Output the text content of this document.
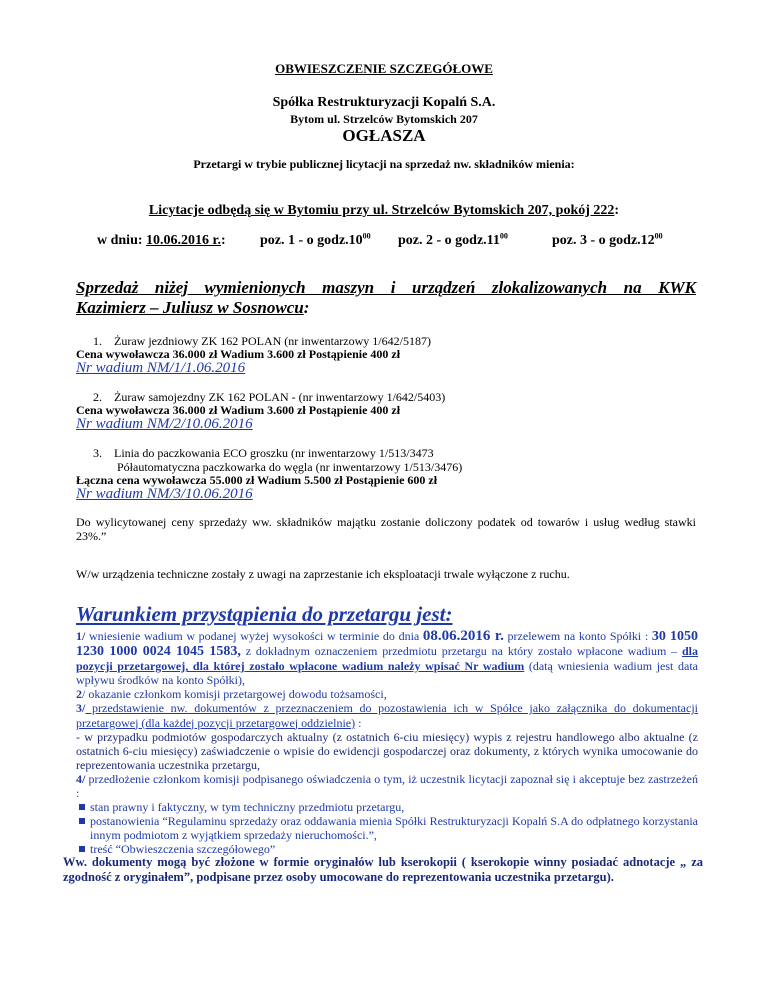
OBWIESZCZENIE SZCZEGÓŁOWE
Spółka Restrukturyzacji Kopalń S.A.
Bytom ul. Strzelców Bytomskich 207
OGŁASZA
Przetargi w trybie publicznej licytacji na sprzedaż nw. składników mienia:
Licytacje odbędą się w Bytomiu przy ul. Strzelców Bytomskich 207, pokój 222:
w dniu: 10.06.2016 r.: poz. 1 - o $godz.10^{00}$ poz. 2 - o $godz.11^{00}$	poz. 3 - o $godz.12^{00}$
Sprzedaż niżej wymienionych maszyn i urządzeń zlokalizowanych na KWK
Kazimierz – Juliusz w Sosnowcu:
1. Żuraw jezdniowy ZK 162 POLAN (nr inwentarzowy 1/642/5187)
Cena wywoławcza 36.000 zł Wadium 3.600 zł Postąpienie 400 zł
Nr wadium NM/1/1.06.2016
2. Żuraw samojezdny ZK 162 POLAN - (nr inwentarzowy 1/642/5403)
Cena wywoławcza 36.000 zł Wadium 3.600 zł Postąpienie 400 zł
Nr wadium NM/2/10.06.2016
3. Linia do paczkowania ECO groszku (nr inwentarzowy 1/513/3473
Półautomatyczna paczkowarka do węgla (nr inwentarzowy 1/513/3476)
Łączna cena wywoławcza 55.000 zł Wadium 5.500 zł Postąpienie 600 zł
Nr wadium NM/3/10.06.2016
Do wylicytowanej ceny sprzedaży ww. składników majątku zostanie doliczony podatek od towarów i usług według stawki 23%.”
W/w urządzenia techniczne zostały z uwagi na zaprzestanie ich eksploatacji trwale wyłączone z ruchu.
Warunkiem przystąpienia do przetargu jest:

1/ wniesienie wadium w podanej wyżej wysokości w terminie do dnia 08.06.2016 r. przelewem na konto Spółki : 30 1050 1230 1000 0024 1045 1583, z dokładnym oznaczeniem przedmiotu przetargu na który zostało wpłacone wadium – dla pozycji przetargowej, dla której zostało wpłacone wadium należy wpisać Nr wadium (datą wniesienia wadium jest data wpływu środków na konto Spółki),

2/ okazanie członkom komisji przetargowej dowodu tożsamości,

3/ przedstawienie nw. dokumentów z przeznaczeniem do pozostawienia ich w Spółce jako załącznika do dokumentacji przetargowej (dla każdej pozycji przetargowej oddzielnie) :

- w przypadku podmiotów gospodarczych aktualny (z ostatnich 6-ciu miesięcy) wypis z rejestru handlowego albo aktualne (z ostatnich 6-ciu miesięcy) zaświadczenie o wpisie do ewidencji gospodarczej oraz dokumenty, z których wynika umocowanie do reprezentowania uczestnika przetargu,

4/ przedłożenie członkom komisji podpisanego oświadczenia o tym, iż uczestnik licytacji zapoznał się i akceptuje bez zastrzeżeń :

stan prawny i faktyczny, w tym techniczny przedmiotu przetargu,

postanowienia “Regulaminu sprzedaży oraz oddawania mienia Spółki Restrukturyzacji Kopalń S.A do odpłatnego korzystania innym podmiotom z wyjątkiem sprzedaży nieruchomości.”,

treść “Obwieszczenia szczegółowego”

Ww. dokumenty mogą być złożone w formie oryginałów lub kserokopii ( kserokopie winny posiadać adnotacje „ za zgodność z oryginałem”, podpisane przez osoby umocowane do reprezentowania uczestnika przetargu).
